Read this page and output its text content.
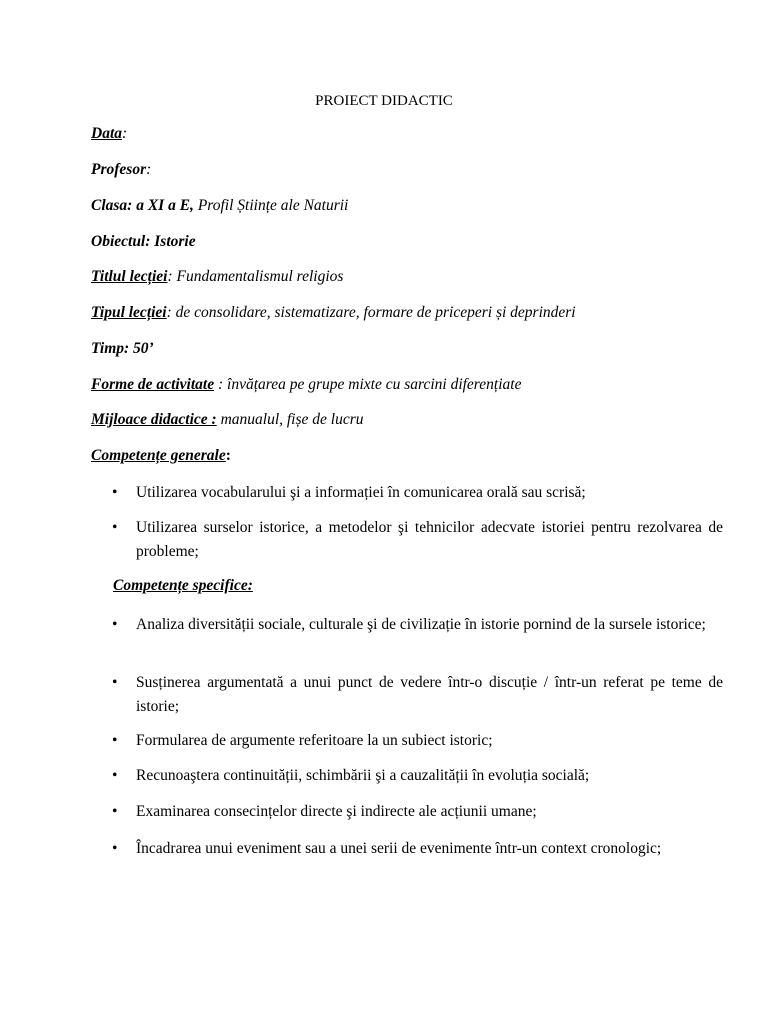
PROIECT DIDACTIC
Data:
Profesor:
Clasa: a XI a E, Profil Științe ale Naturii
Obiectul: Istorie
Titlul lecției: Fundamentalismul religios
Tipul lecției: de consolidare, sistematizare, formare de priceperi și deprinderi
Timp: 50’
Forme de activitate : învățarea pe grupe mixte cu sarcini diferențiate
Mijloace didactice : manualul, fișe de lucru
Competențe generale:
• Utilizarea vocabularului şi a informației în comunicarea orală sau scrisă;
• Utilizarea surselor istorice, a metodelor şi tehnicilor adecvate istoriei pentru rezolvarea de probleme;
Competențe specifice:
• Analiza diversității sociale, culturale şi de civilizație în istorie pornind de la sursele istorice;
• Susținerea argumentată a unui punct de vedere într-o discuție / într-un referat pe teme de istorie;
• Formularea de argumente referitoare la un subiect istoric;
• Recunoaştera continuității, schimbării şi a cauzalității în evoluția socială;
• Examinarea consecințelor directe şi indirecte ale acțiunii umane;
• Încadrarea unui eveniment sau a unei serii de evenimente într-un context cronologic;
